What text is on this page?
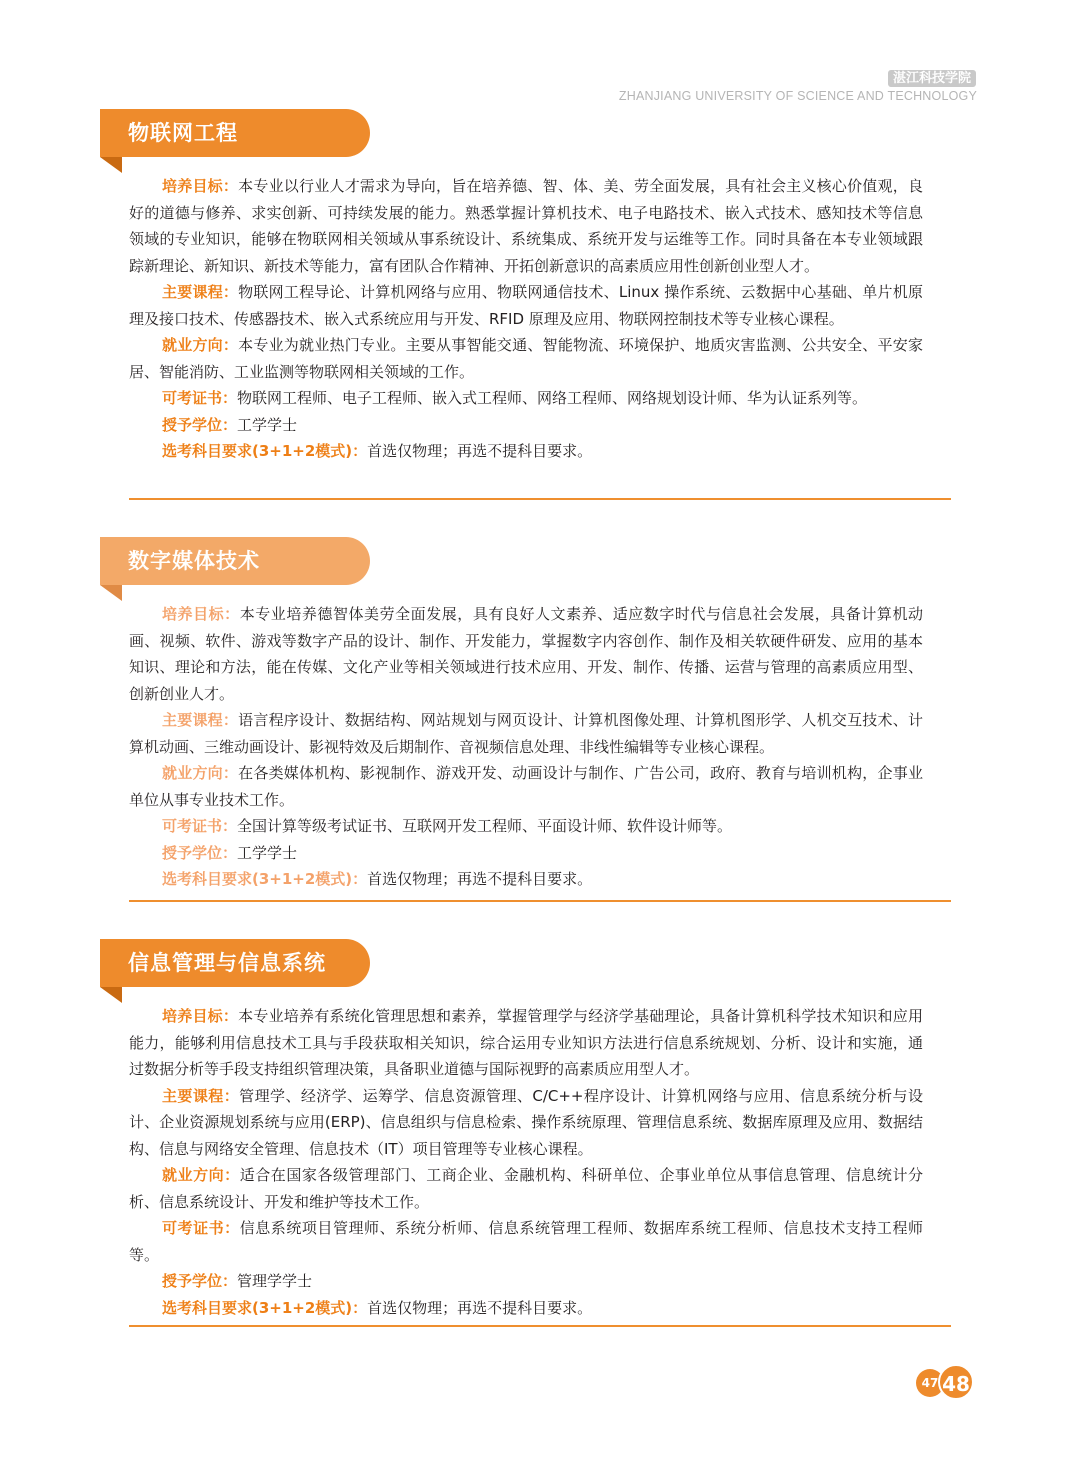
湛江科技学院
ZHANJIANG UNIVERSITY OF SCIENCE AND TECHNOLOGY
物联网工程

培养目标：本专业以行业人才需求为导向，旨在培养德、智、体、美、劳全面发展，具有社会主义核心价值观，良好的道德与修养、求实创新、可持续发展的能力。熟悉掌握计算机技术、电子电路技术、嵌入式技术、感知技术等信息领域的专业知识，能够在物联网相关领域从事系统设计、系统集成、系统开发与运维等工作。同时具备在本专业领域跟踪新理论、新知识、新技术等能力，富有团队合作精神、开拓创新意识的高素质应用性创新创业型人才。

主要课程：物联网工程导论、计算机网络与应用、物联网通信技术、Linux 操作系统、云数据中心基础、单片机原理及接口技术、传感器技术、嵌入式系统应用与开发、RFID 原理及应用、物联网控制技术等专业核心课程。

就业方向：本专业为就业热门专业。主要从事智能交通、智能物流、环境保护、地质灾害监测、公共安全、平安家居、智能消防、工业监测等物联网相关领域的工作。

可考证书：物联网工程师、电子工程师、嵌入式工程师、网络工程师、网络规划设计师、华为认证系列等。

授予学位：工学学士

选考科目要求(3+1+2模式)：首选仅物理；再选不提科目要求。

数字媒体技术

培养目标：本专业培养德智体美劳全面发展，具有良好人文素养、适应数字时代与信息社会发展，具备计算机动画、视频、软件、游戏等数字产品的设计、制作、开发能力，掌握数字内容创作、制作及相关软硬件研发、应用的基本知识、理论和方法，能在传媒、文化产业等相关领域进行技术应用、开发、制作、传播、运营与管理的高素质应用型、创新创业人才。

主要课程：语言程序设计、数据结构、网站规划与网页设计、计算机图像处理、计算机图形学、人机交互技术、计算机动画、三维动画设计、影视特效及后期制作、音视频信息处理、非线性编辑等专业核心课程。

就业方向：在各类媒体机构、影视制作、游戏开发、动画设计与制作、广告公司，政府、教育与培训机构，企事业单位从事专业技术工作。

可考证书：全国计算等级考试证书、互联网开发工程师、平面设计师、软件设计师等。

授予学位：工学学士

选考科目要求(3+1+2模式)：首选仅物理；再选不提科目要求。

信息管理与信息系统

培养目标：本专业培养有系统化管理思想和素养，掌握管理学与经济学基础理论，具备计算机科学技术知识和应用能力，能够利用信息技术工具与手段获取相关知识，综合运用专业知识方法进行信息系统规划、分析、设计和实施，通过数据分析等手段支持组织管理决策，具备职业道德与国际视野的高素质应用型人才。

主要课程：管理学、经济学、运筹学、信息资源管理、C/C++程序设计、计算机网络与应用、信息系统分析与设计、企业资源规划系统与应用(ERP)、信息组织与信息检索、操作系统原理、管理信息系统、数据库原理及应用、数据结构、信息与网络安全管理、信息技术（IT）项目管理等专业核心课程。

就业方向：适合在国家各级管理部门、工商企业、金融机构、科研单位、企事业单位从事信息管理、信息统计分析、信息系统设计、开发和维护等技术工作。

可考证书：信息系统项目管理师、系统分析师、信息系统管理工程师、数据库系统工程师、信息技术支持工程师等。

授予学位：管理学学士

选考科目要求(3+1+2模式)：首选仅物理；再选不提科目要求。

47 48
